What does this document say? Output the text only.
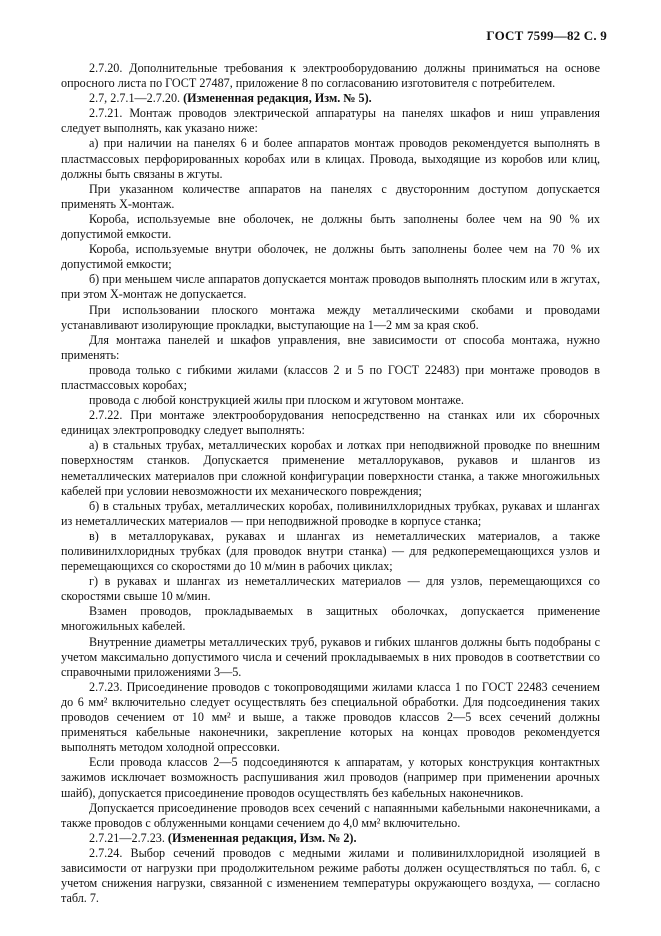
ГОСТ 7599—82 С. 9

2.7.20. Дополнительные требования к электрооборудованию должны приниматься на основе опросного листа по ГОСТ 27487, приложение 8 по согласованию изготовителя с потребителем.

2.7, 2.7.1—2.7.20. (Измененная редакция, Изм. № 5).

2.7.21. Монтаж проводов электрической аппаратуры на панелях шкафов и ниш управления следует выполнять, как указано ниже:

а) при наличии на панелях 6 и более аппаратов монтаж проводов рекомендуется выполнять в пластмассовых перфорированных коробах или в клицах. Провода, выходящие из коробов или клиц, должны быть связаны в жгуты.

При указанном количестве аппаратов на панелях с двусторонним доступом допускается применять X-монтаж.

Короба, используемые вне оболочек, не должны быть заполнены более чем на 90 % их допустимой емкости.

Короба, используемые внутри оболочек, не должны быть заполнены более чем на 70 % их допустимой емкости;

б) при меньшем числе аппаратов допускается монтаж проводов выполнять плоским или в жгутах, при этом X-монтаж не допускается.

При использовании плоского монтажа между металлическими скобами и проводами устанавливают изолирующие прокладки, выступающие на 1—2 мм за края скоб.

Для монтажа панелей и шкафов управления, вне зависимости от способа монтажа, нужно применять:

провода только с гибкими жилами (классов 2 и 5 по ГОСТ 22483) при монтаже проводов в пластмассовых коробах;

провода с любой конструкцией жилы при плоском и жгутовом монтаже.

2.7.22. При монтаже электрооборудования непосредственно на станках или их сборочных единицах электропроводку следует выполнять:

а) в стальных трубах, металлических коробах и лотках при неподвижной проводке по внешним поверхностям станков. Допускается применение металлорукавов, рукавов и шлангов из неметаллических материалов при сложной конфигурации поверхности станка, а также многожильных кабелей при условии невозможности их механического повреждения;

б) в стальных трубах, металлических коробах, поливинилхлоридных трубках, рукавах и шлангах из неметаллических материалов — при неподвижной проводке в корпусе станка;

в) в металлорукавах, рукавах и шлангах из неметаллических материалов, а также поливинилхлоридных трубках (для проводок внутри станка) — для редкоперемещающихся узлов и перемещающихся со скоростями до 10 м/мин в рабочих циклах;

г) в рукавах и шлангах из неметаллических материалов — для узлов, перемещающихся со скоростями свыше 10 м/мин.

Взамен проводов, прокладываемых в защитных оболочках, допускается применение многожильных кабелей.

Внутренние диаметры металлических труб, рукавов и гибких шлангов должны быть подобраны с учетом максимально допустимого числа и сечений прокладываемых в них проводов в соответствии со справочными приложениями 3—5.

2.7.23. Присоединение проводов с токопроводящими жилами класса 1 по ГОСТ 22483 сечением до 6 мм² включительно следует осуществлять без специальной обработки. Для подсоединения таких проводов сечением от 10 мм² и выше, а также проводов классов 2—5 всех сечений должны применяться кабельные наконечники, закрепление которых на концах проводов рекомендуется выполнять методом холодной опрессовки.

Если провода классов 2—5 подсоединяются к аппаратам, у которых конструкция контактных зажимов исключает возможность распушивания жил проводов (например при применении арочных шайб), допускается присоединение проводов осуществлять без кабельных наконечников.

Допускается присоединение проводов всех сечений с напаянными кабельными наконечниками, а также проводов с облуженными концами сечением до 4,0 мм² включительно.

2.7.21—2.7.23. (Измененная редакция, Изм. № 2).

2.7.24. Выбор сечений проводов с медными жилами и поливинилхлоридной изоляцией в зависимости от нагрузки при продолжительном режиме работы должен осуществляться по табл. 6, с учетом снижения нагрузки, связанной с изменением температуры окружающего воздуха, — согласно табл. 7.
